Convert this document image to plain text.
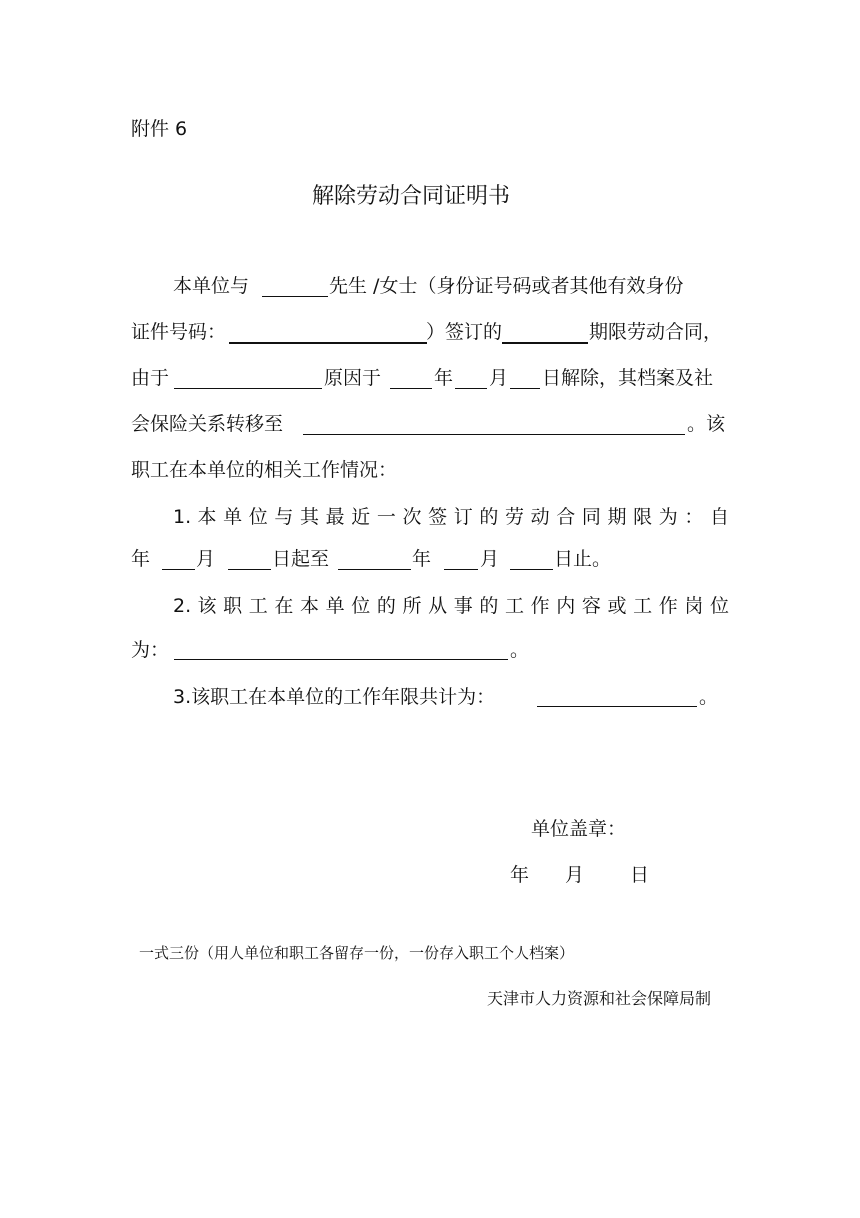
附件 6
解除劳动合同证明书
本单位与	先生 /女士（身份证号码或者其他有效身份
证件号码：	）签订的	期限劳动合同，
由于	原因于	年 月 日解除，其档案及社
会保险关系转移至	。该
职工在本单位的相关工作情况：
1. 本 单 位 与 其 最 近 一 次 签 订 的 劳 动 合 同 期 限 为 ： 自
年 月	日起至	年	月	日止。
2. 该 职 工 在 本 单 位 的 所 从 事 的 工 作 内 容 或 工 作 岗 位
为：	。
3.该职工在本单位的工作年限共计为：	。
单位盖章：
年 月 日
一式三份（用人单位和职工各留存一份，一份存入职工个人档案）
天津市人力资源和社会保障局制
